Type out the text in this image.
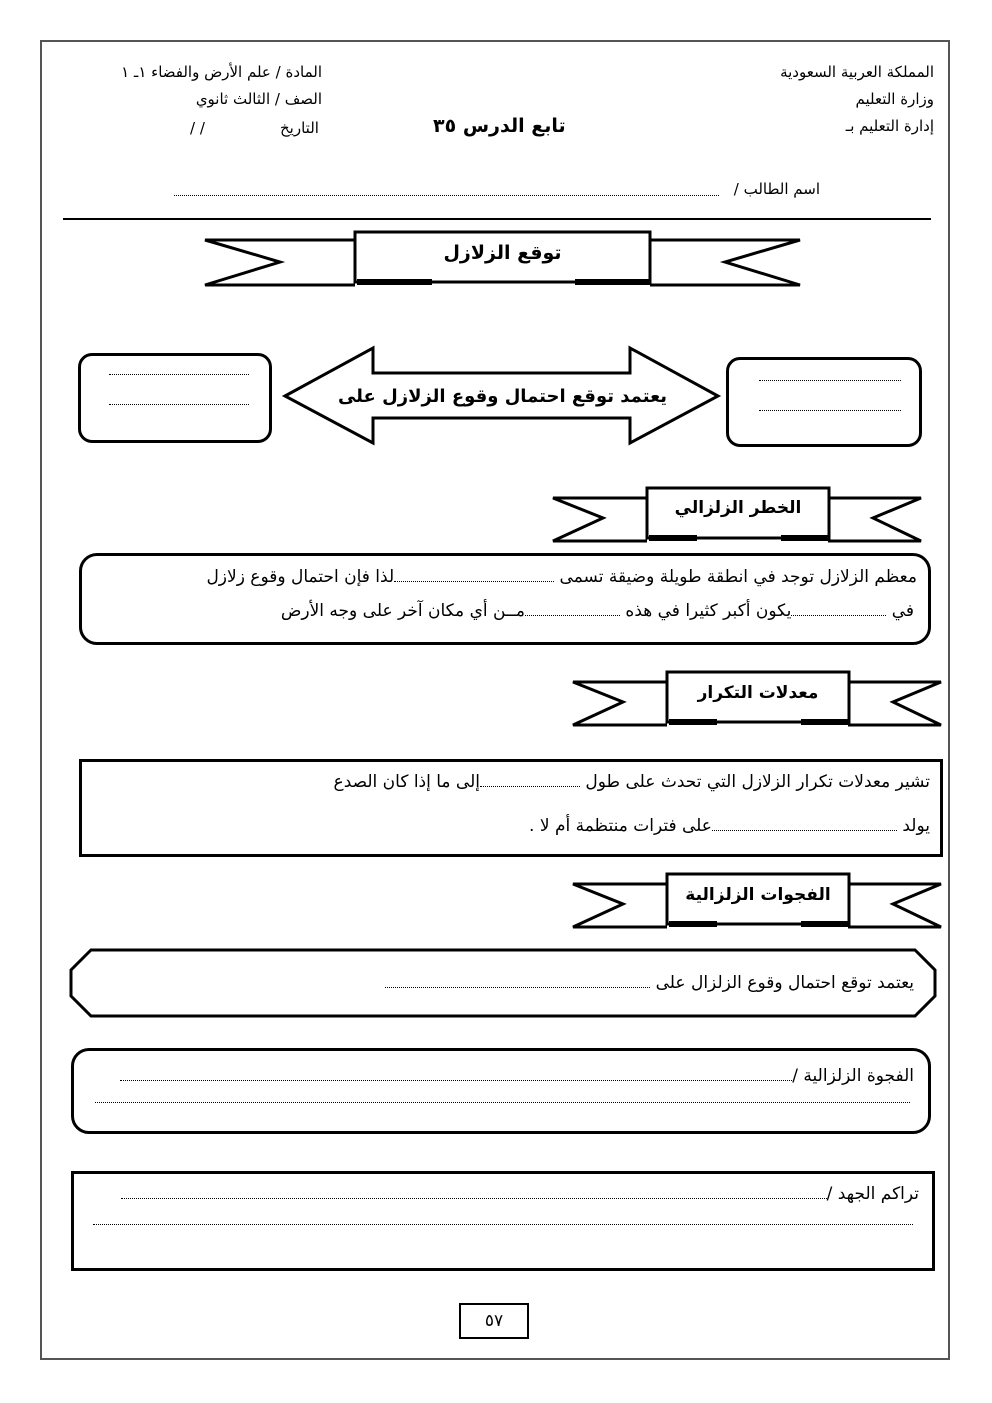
المملكة العربية السعودية
وزارة التعليم
إدارة التعليم بـ
المادة / علم الأرض والفضاء ١ـ ١
الصف / الثالث ثانوي
التاريخ
/ /	تابع الدرس ٣٥
اسم الطالب /
توقع الزلازل
يعتمد توقع احتمال وقوع الزلازل على
الخطر الزلزالي
معظم الزلازل توجد في انطقة طويلة وضيقة تسمى لذا فإن احتمال وقوع زلازل
في يكون أكبر كثيرا في هذه مــن أي مكان آخر على وجه الأرض
معدلات التكرار
تشير معدلات تكرار الزلازل التي تحدث على طول إلى ما إذا كان الصدع
يولد على فترات منتظمة أم لا .
الفجوات الزلزالية
يعتمد توقع احتمال وقوع الزلزال على
الفجوة الزلزالية /
تراكم الجهد /
٥٧
